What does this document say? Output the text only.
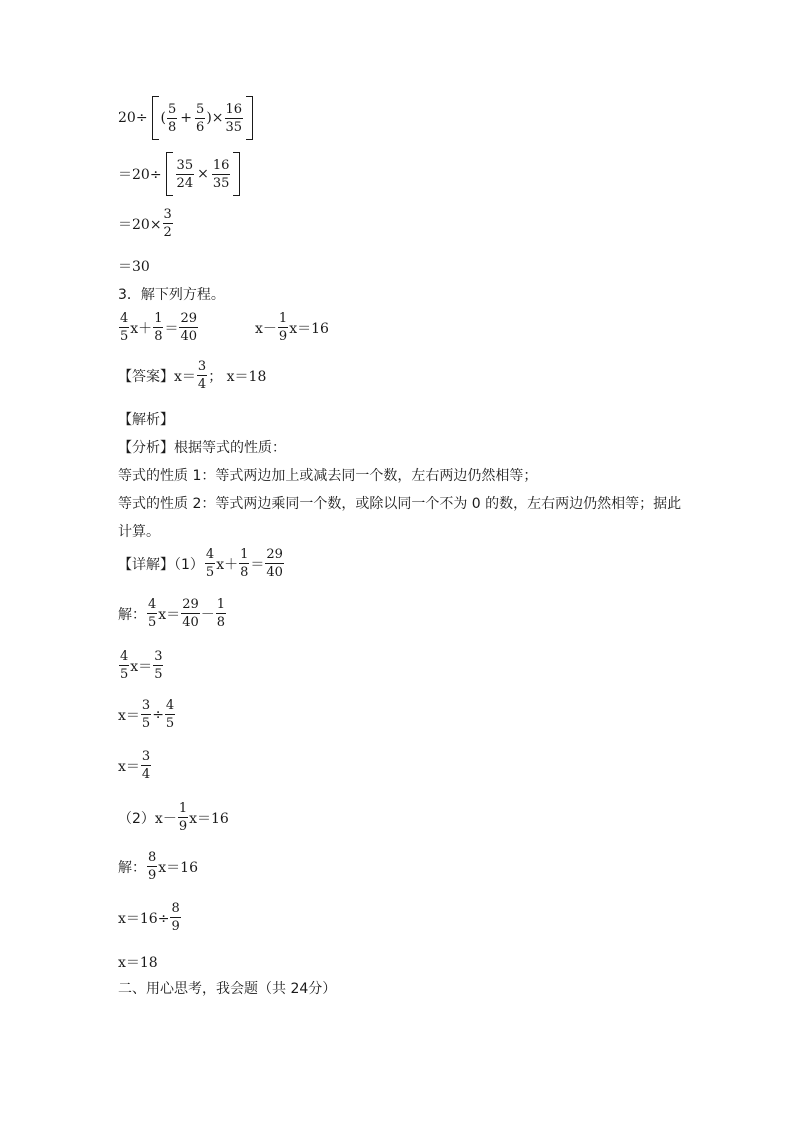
20÷ ( $\frac{5}{8} + \frac{5}{6}$ )× $\frac{16}{35}$
$=20\div \frac{35}{24} \times \frac{16}{35}$
$=20\times \frac{3}{2}$
＝30
3．解下列方程。
$\frac{4}{5} x+ \frac{1}{8} = \frac{29}{40}$	$x- \frac{1}{9} x=16$
【答案】 $x= \frac{3}{4}$ ； x＝18
【解析】
【分析】根据等式的性质：
等式的性质 1：等式两边加上或减去同一个数，左右两边仍然相等；
等式的性质 2：等式两边乘同一个数，或除以同一个不为 0 的数，左右两边仍然相等；据此
计算。
【详解】$(1) \frac{4}{5} x+ \frac{1}{8} = \frac{29}{40}$
解： $\frac{4}{5} x= \frac{29}{40} - \frac{1}{8}$
$\frac{4}{5} x= \frac{3}{5}$
$x= \frac{3}{5} \div \frac{4}{5}$
$x= \frac{3}{4}$
（2） $x- \frac{1}{9} x=16$
解： $\frac{8}{9} x=16$
$x=16\div \frac{8}{9}$
x＝18
二、用心思考，我会题（共 24分）
